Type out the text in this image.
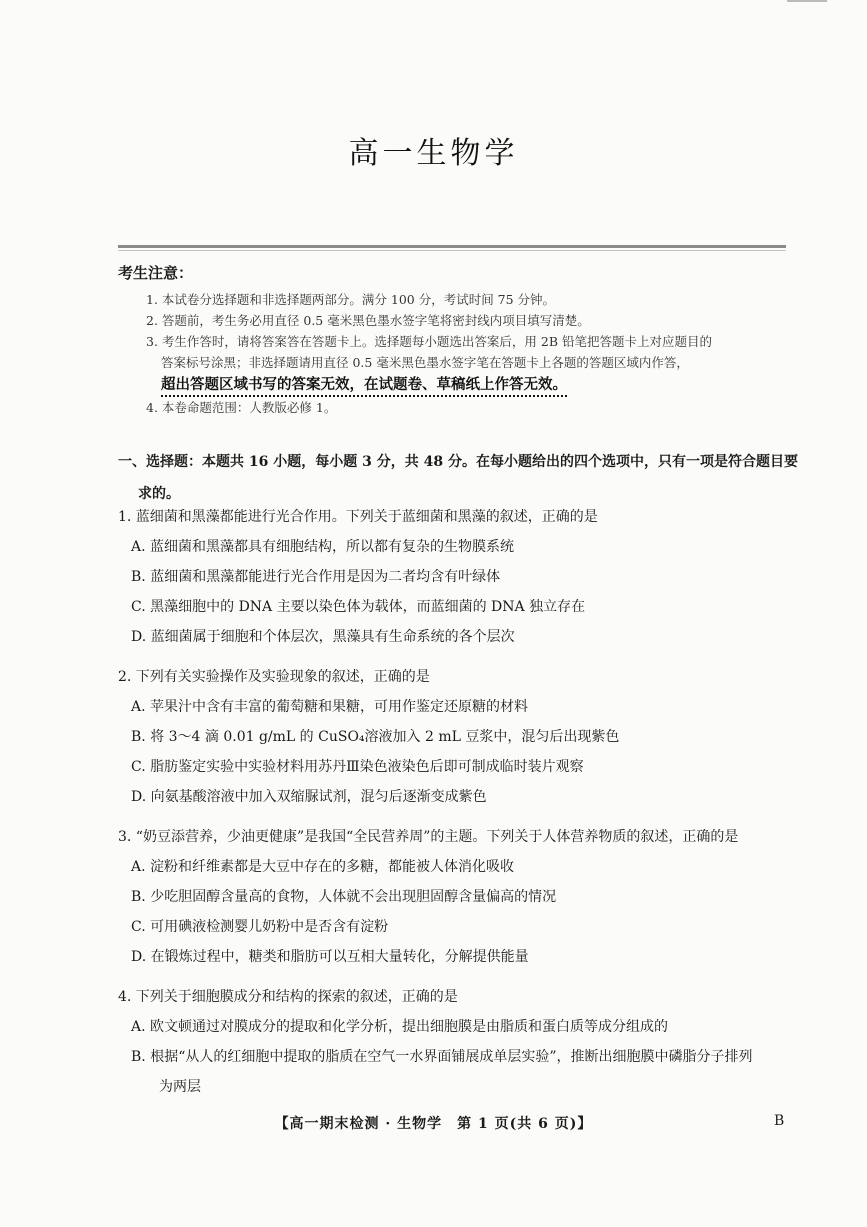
高一生物学
考生注意：
1. 本试卷分选择题和非选择题两部分。满分 100 分，考试时间 75 分钟。
2. 答题前，考生务必用直径 0.5 毫米黑色墨水签字笔将密封线内项目填写清楚。
3. 考生作答时，请将答案答在答题卡上。选择题每小题选出答案后，用 2B 铅笔把答题卡上对应题目的
答案标号涂黑；非选择题请用直径 0.5 毫米黑色墨水签字笔在答题卡上各题的答题区域内作答，
超出答题区域书写的答案无效，在试题卷、草稿纸上作答无效。
4. 本卷命题范围：人教版必修 1。
一、选择题：本题共 16 小题，每小题 3 分，共 48 分。在每小题给出的四个选项中，只有一项是符合题目要
求的。
1. 蓝细菌和黑藻都能进行光合作用。下列关于蓝细菌和黑藻的叙述，正确的是
A. 蓝细菌和黑藻都具有细胞结构，所以都有复杂的生物膜系统
B. 蓝细菌和黑藻都能进行光合作用是因为二者均含有叶绿体
C. 黑藻细胞中的 DNA 主要以染色体为载体，而蓝细菌的 DNA 独立存在
D. 蓝细菌属于细胞和个体层次，黑藻具有生命系统的各个层次
2. 下列有关实验操作及实验现象的叙述，正确的是
A. 苹果汁中含有丰富的葡萄糖和果糖，可用作鉴定还原糖的材料
B. 将 3～4 滴 0.01 g/mL 的 CuSO₄溶液加入 2 mL 豆浆中，混匀后出现紫色
C. 脂肪鉴定实验中实验材料用苏丹Ⅲ染色液染色后即可制成临时装片观察
D. 向氨基酸溶液中加入双缩脲试剂，混匀后逐渐变成紫色
3. “奶豆添营养，少油更健康”是我国“全民营养周”的主题。下列关于人体营养物质的叙述，正确的是
A. 淀粉和纤维素都是大豆中存在的多糖，都能被人体消化吸收
B. 少吃胆固醇含量高的食物，人体就不会出现胆固醇含量偏高的情况
C. 可用碘液检测婴儿奶粉中是否含有淀粉
D. 在锻炼过程中，糖类和脂肪可以互相大量转化，分解提供能量
4. 下列关于细胞膜成分和结构的探索的叙述，正确的是
A. 欧文顿通过对膜成分的提取和化学分析，提出细胞膜是由脂质和蛋白质等成分组成的
B. 根据“从人的红细胞中提取的脂质在空气一水界面铺展成单层实验”，推断出细胞膜中磷脂分子排列
为两层
【高一期末检测 · 生物学　第 1 页(共 6 页)】	B
